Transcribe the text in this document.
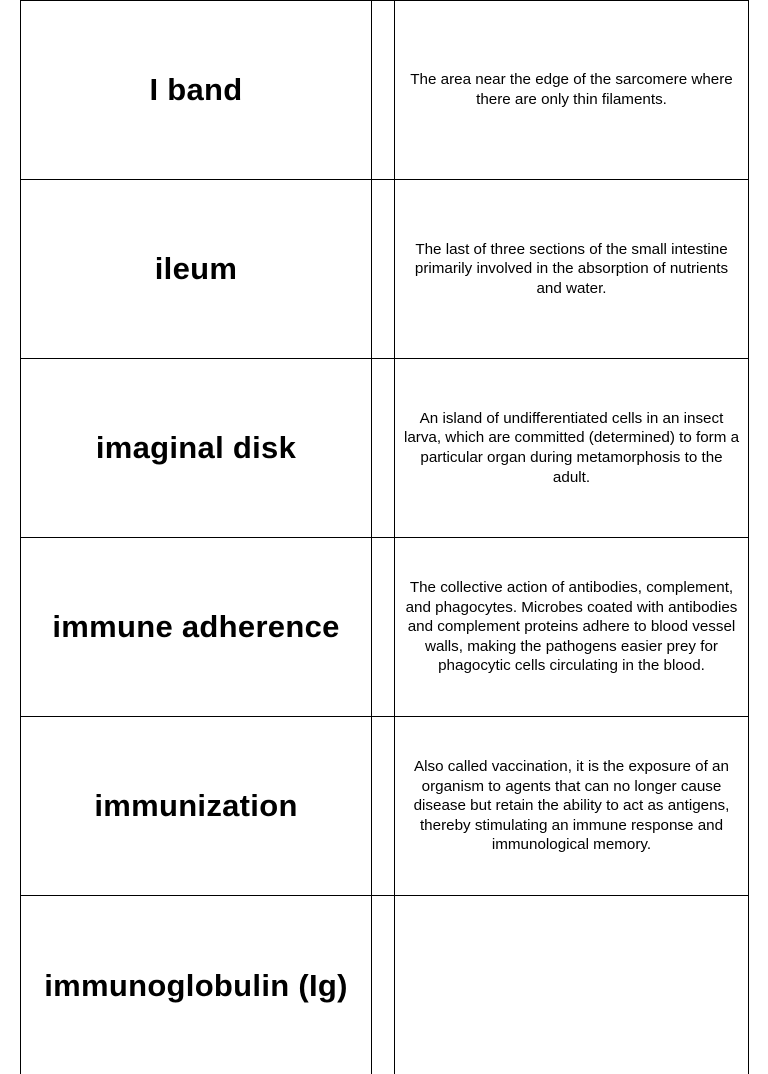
I band	The area near the edge of the sarcomere where there are only thin filaments.
ileum
The last of three sections of the small intestine primarily involved in the absorption of nutrients and water.
imaginal disk
An island of undifferentiated cells in an insect larva, which are committed (determined) to form a particular organ during metamorphosis to the adult.
immune adherence
The collective action of antibodies, complement, and phagocytes. Microbes coated with antibodies and complement proteins adhere to blood vessel walls, making the pathogens easier prey for phagocytic cells circulating in the blood.
immunization
Also called vaccination, it is the exposure of an organism to agents that can no longer cause disease but retain the ability to act as antigens, thereby stimulating an immune response and immunological memory.
immunoglobulin (Ig)
